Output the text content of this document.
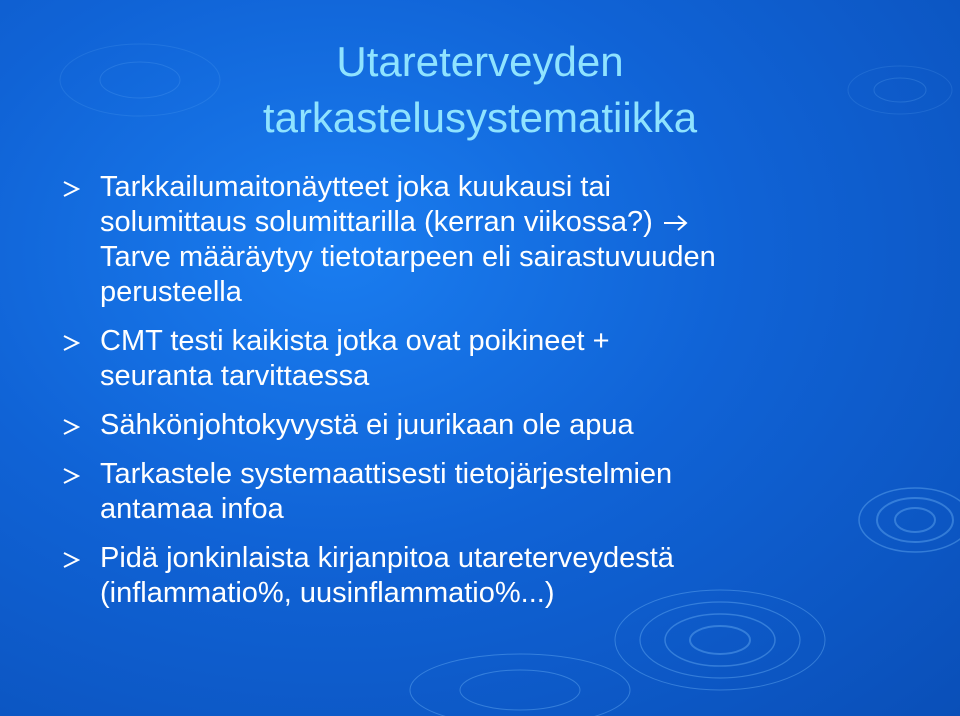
Utareterveyden
tarkastelusystematiikka
Tarkkailumaitonäytteet joka kuukausi tai
solumittaus solumittarilla (kerran viikossa?)
Tarve määräytyy tietotarpeen eli sairastuvuuden
perusteella
CMT testi kaikista jotka ovat poikineet +
seuranta tarvittaessa
Sähkönjohtokyvystä ei juurikaan ole apua
Tarkastele systemaattisesti tietojärjestelmien
antamaa infoa
Pidä jonkinlaista kirjanpitoa utareterveydestä
(inflammatio%, uusinflammatio%...)
